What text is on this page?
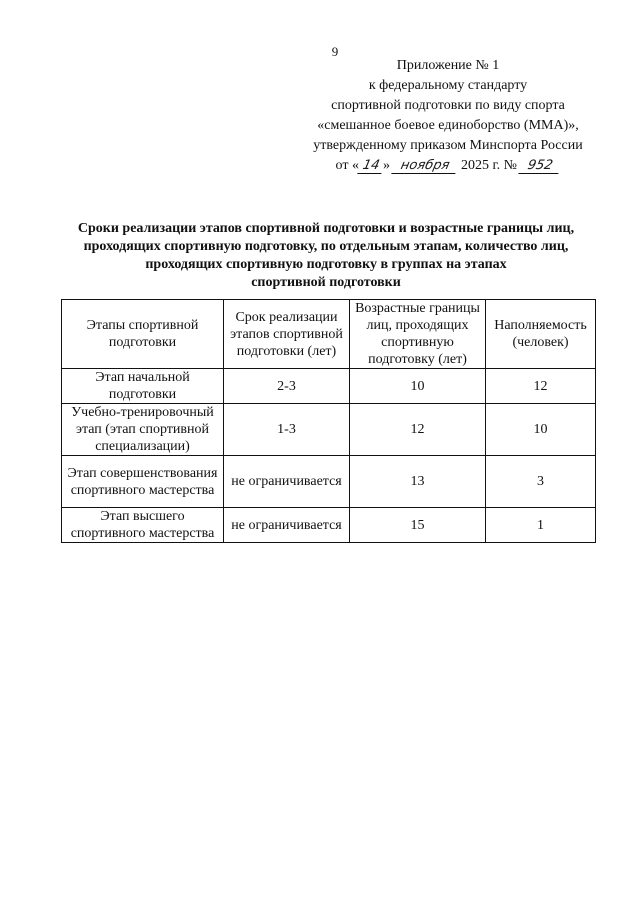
9
Приложение № 1
к федеральному стандарту
спортивной подготовки по виду спорта
«смешанное боевое единоборство (ММА)»,
утвержденному приказом Минспорта России
от « 14 » ноября 2025 г. № 952
Сроки реализации этапов спортивной подготовки и возрастные границы лиц,
проходящих спортивную подготовку, по отдельным этапам, количество лиц,
проходящих спортивную подготовку в группах на этапах
спортивной подготовки
Этапы спортивной подготовки	Срок реализации этапов спортивной подготовки (лет)	Возрастные границы лиц, проходящих спортивную подготовку (лет)	Наполняемость (человек)
Этап начальной подготовки	2-3	10	12
Учебно-тренировочный этап (этап спортивной специализации)	1-3	12	10
Этап совершенствования спортивного мастерства	не ограничивается	13	3
Этап высшего спортивного мастерства	не ограничивается	15	1
